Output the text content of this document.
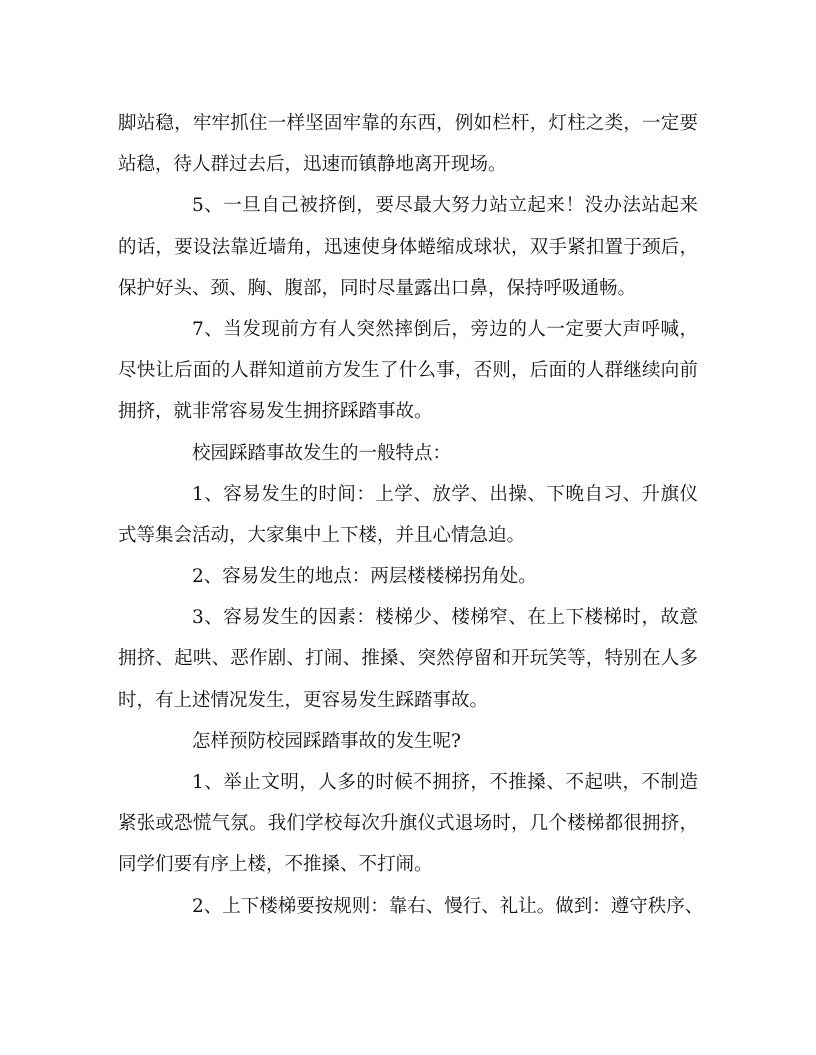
脚站稳，牢牢抓住一样坚固牢靠的东西，例如栏杆，灯柱之类，一定要
站稳，待人群过去后，迅速而镇静地离开现场。
5、一旦自己被挤倒，要尽最大努力站立起来！没办法站起来
的话，要设法靠近墙角，迅速使身体蜷缩成球状，双手紧扣置于颈后，
保护好头、颈、胸、腹部，同时尽量露出口鼻，保持呼吸通畅。
7、当发现前方有人突然摔倒后，旁边的人一定要大声呼喊，
尽快让后面的人群知道前方发生了什么事，否则，后面的人群继续向前
拥挤，就非常容易发生拥挤踩踏事故。
校园踩踏事故发生的一般特点：
1、容易发生的时间：上学、放学、出操、下晚自习、升旗仪
式等集会活动，大家集中上下楼，并且心情急迫。
2、容易发生的地点：两层楼楼梯拐角处。
3、容易发生的因素：楼梯少、楼梯窄、在上下楼梯时，故意
拥挤、起哄、恶作剧、打闹、推搡、突然停留和开玩笑等，特别在人多
时，有上述情况发生，更容易发生踩踏事故。
怎样预防校园踩踏事故的发生呢?
1、举止文明，人多的时候不拥挤，不推搡、不起哄，不制造
紧张或恐慌气氛。我们学校每次升旗仪式退场时，几个楼梯都很拥挤，
同学们要有序上楼，不推搡、不打闹。
2、上下楼梯要按规则：靠右、慢行、礼让。做到：遵守秩序、
